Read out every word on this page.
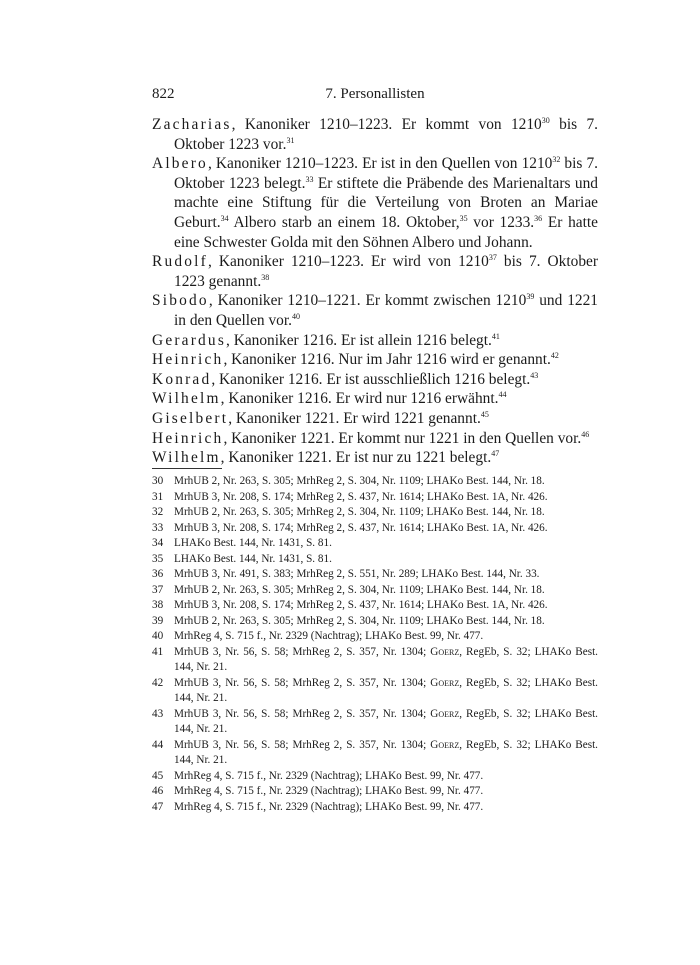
822	7. Personallisten

Zacharias, Kanoniker 1210–1223. Er kommt von 1210$^{30}$ bis 7. Oktober 1223 vor.$^{31}$

Albero, Kanoniker 1210–1223. Er ist in den Quellen von 1210$^{32}$ bis 7. Oktober 1223 belegt.$^{33}$ Er stiftete die Präbende des Marienaltars und machte eine Stiftung für die Verteilung von Broten an Mariae Geburt.$^{34}$ Albero starb an einem 18. Oktober,$^{35}$ vor 1233.36 Er hatte eine Schwester Golda mit den Söhnen Albero und Johann.

Rudolf, Kanoniker 1210–1223. Er wird von 1210$^{37}$ bis 7. Oktober 1223 genannt.$^{38}$

Sibodo, Kanoniker 1210–1221. Er kommt zwischen 1210$^{39}$ und 1221 in den Quellen vor.$^{40}$

Gerardus, Kanoniker 1216. Er ist allein 1216 belegt.$^{41}$

Heinrich, Kanoniker 1216. Nur im Jahr 1216 wird er genannt.$^{42}$

Konrad, Kanoniker 1216. Er ist ausschließlich 1216 belegt.$^{43}$

Wilhelm, Kanoniker 1216. Er wird nur 1216 erwähnt.$^{44}$

Giselbert, Kanoniker 1221. Er wird 1221 genannt.$^{45}$

Heinrich, Kanoniker 1221. Er kommt nur 1221 in den Quellen vor.$^{46}$

Wilhelm, Kanoniker 1221. Er ist nur zu 1221 belegt.$^{47}$

30 MrhUB 2, Nr. 263, S. 305; MrhReg 2, S. 304, Nr. 1109; LHAKo Best. 144, Nr. 18.
31 MrhUB 3, Nr. 208, S. 174; MrhReg 2, S. 437, Nr. 1614; LHAKo Best. 1A, Nr. 426.
32 MrhUB 2, Nr. 263, S. 305; MrhReg 2, S. 304, Nr. 1109; LHAKo Best. 144, Nr. 18.
33 MrhUB 3, Nr. 208, S. 174; MrhReg 2, S. 437, Nr. 1614; LHAKo Best. 1A, Nr. 426.
34 LHAKo Best. 144, Nr. 1431, S. 81.
35 LHAKo Best. 144, Nr. 1431, S. 81.
36 MrhUB 3, Nr. 491, S. 383; MrhReg 2, S. 551, Nr. 289; LHAKo Best. 144, Nr. 33.
37 MrhUB 2, Nr. 263, S. 305; MrhReg 2, S. 304, Nr. 1109; LHAKo Best. 144, Nr. 18.
38 MrhUB 3, Nr. 208, S. 174; MrhReg 2, S. 437, Nr. 1614; LHAKo Best. 1A, Nr. 426.
39 MrhUB 2, Nr. 263, S. 305; MrhReg 2, S. 304, Nr. 1109; LHAKo Best. 144, Nr. 18.
40 MrhReg 4, S. 715 f., Nr. 2329 (Nachtrag); LHAKo Best. 99, Nr. 477.
41 MrhUB 3, Nr. 56, S. 58; MrhReg 2, S. 357, Nr. 1304; Goerz, RegEb, S. 32; LHAKo Best. 144, Nr. 21.
42 MrhUB 3, Nr. 56, S. 58; MrhReg 2, S. 357, Nr. 1304; Goerz, RegEb, S. 32; LHAKo Best. 144, Nr. 21.
43 MrhUB 3, Nr. 56, S. 58; MrhReg 2, S. 357, Nr. 1304; Goerz, RegEb, S. 32; LHAKo Best. 144, Nr. 21.
44 MrhUB 3, Nr. 56, S. 58; MrhReg 2, S. 357, Nr. 1304; Goerz, RegEb, S. 32; LHAKo Best. 144, Nr. 21.
45 MrhReg 4, S. 715 f., Nr. 2329 (Nachtrag); LHAKo Best. 99, Nr. 477.
46 MrhReg 4, S. 715 f., Nr. 2329 (Nachtrag); LHAKo Best. 99, Nr. 477.
47 MrhReg 4, S. 715 f., Nr. 2329 (Nachtrag); LHAKo Best. 99, Nr. 477.
